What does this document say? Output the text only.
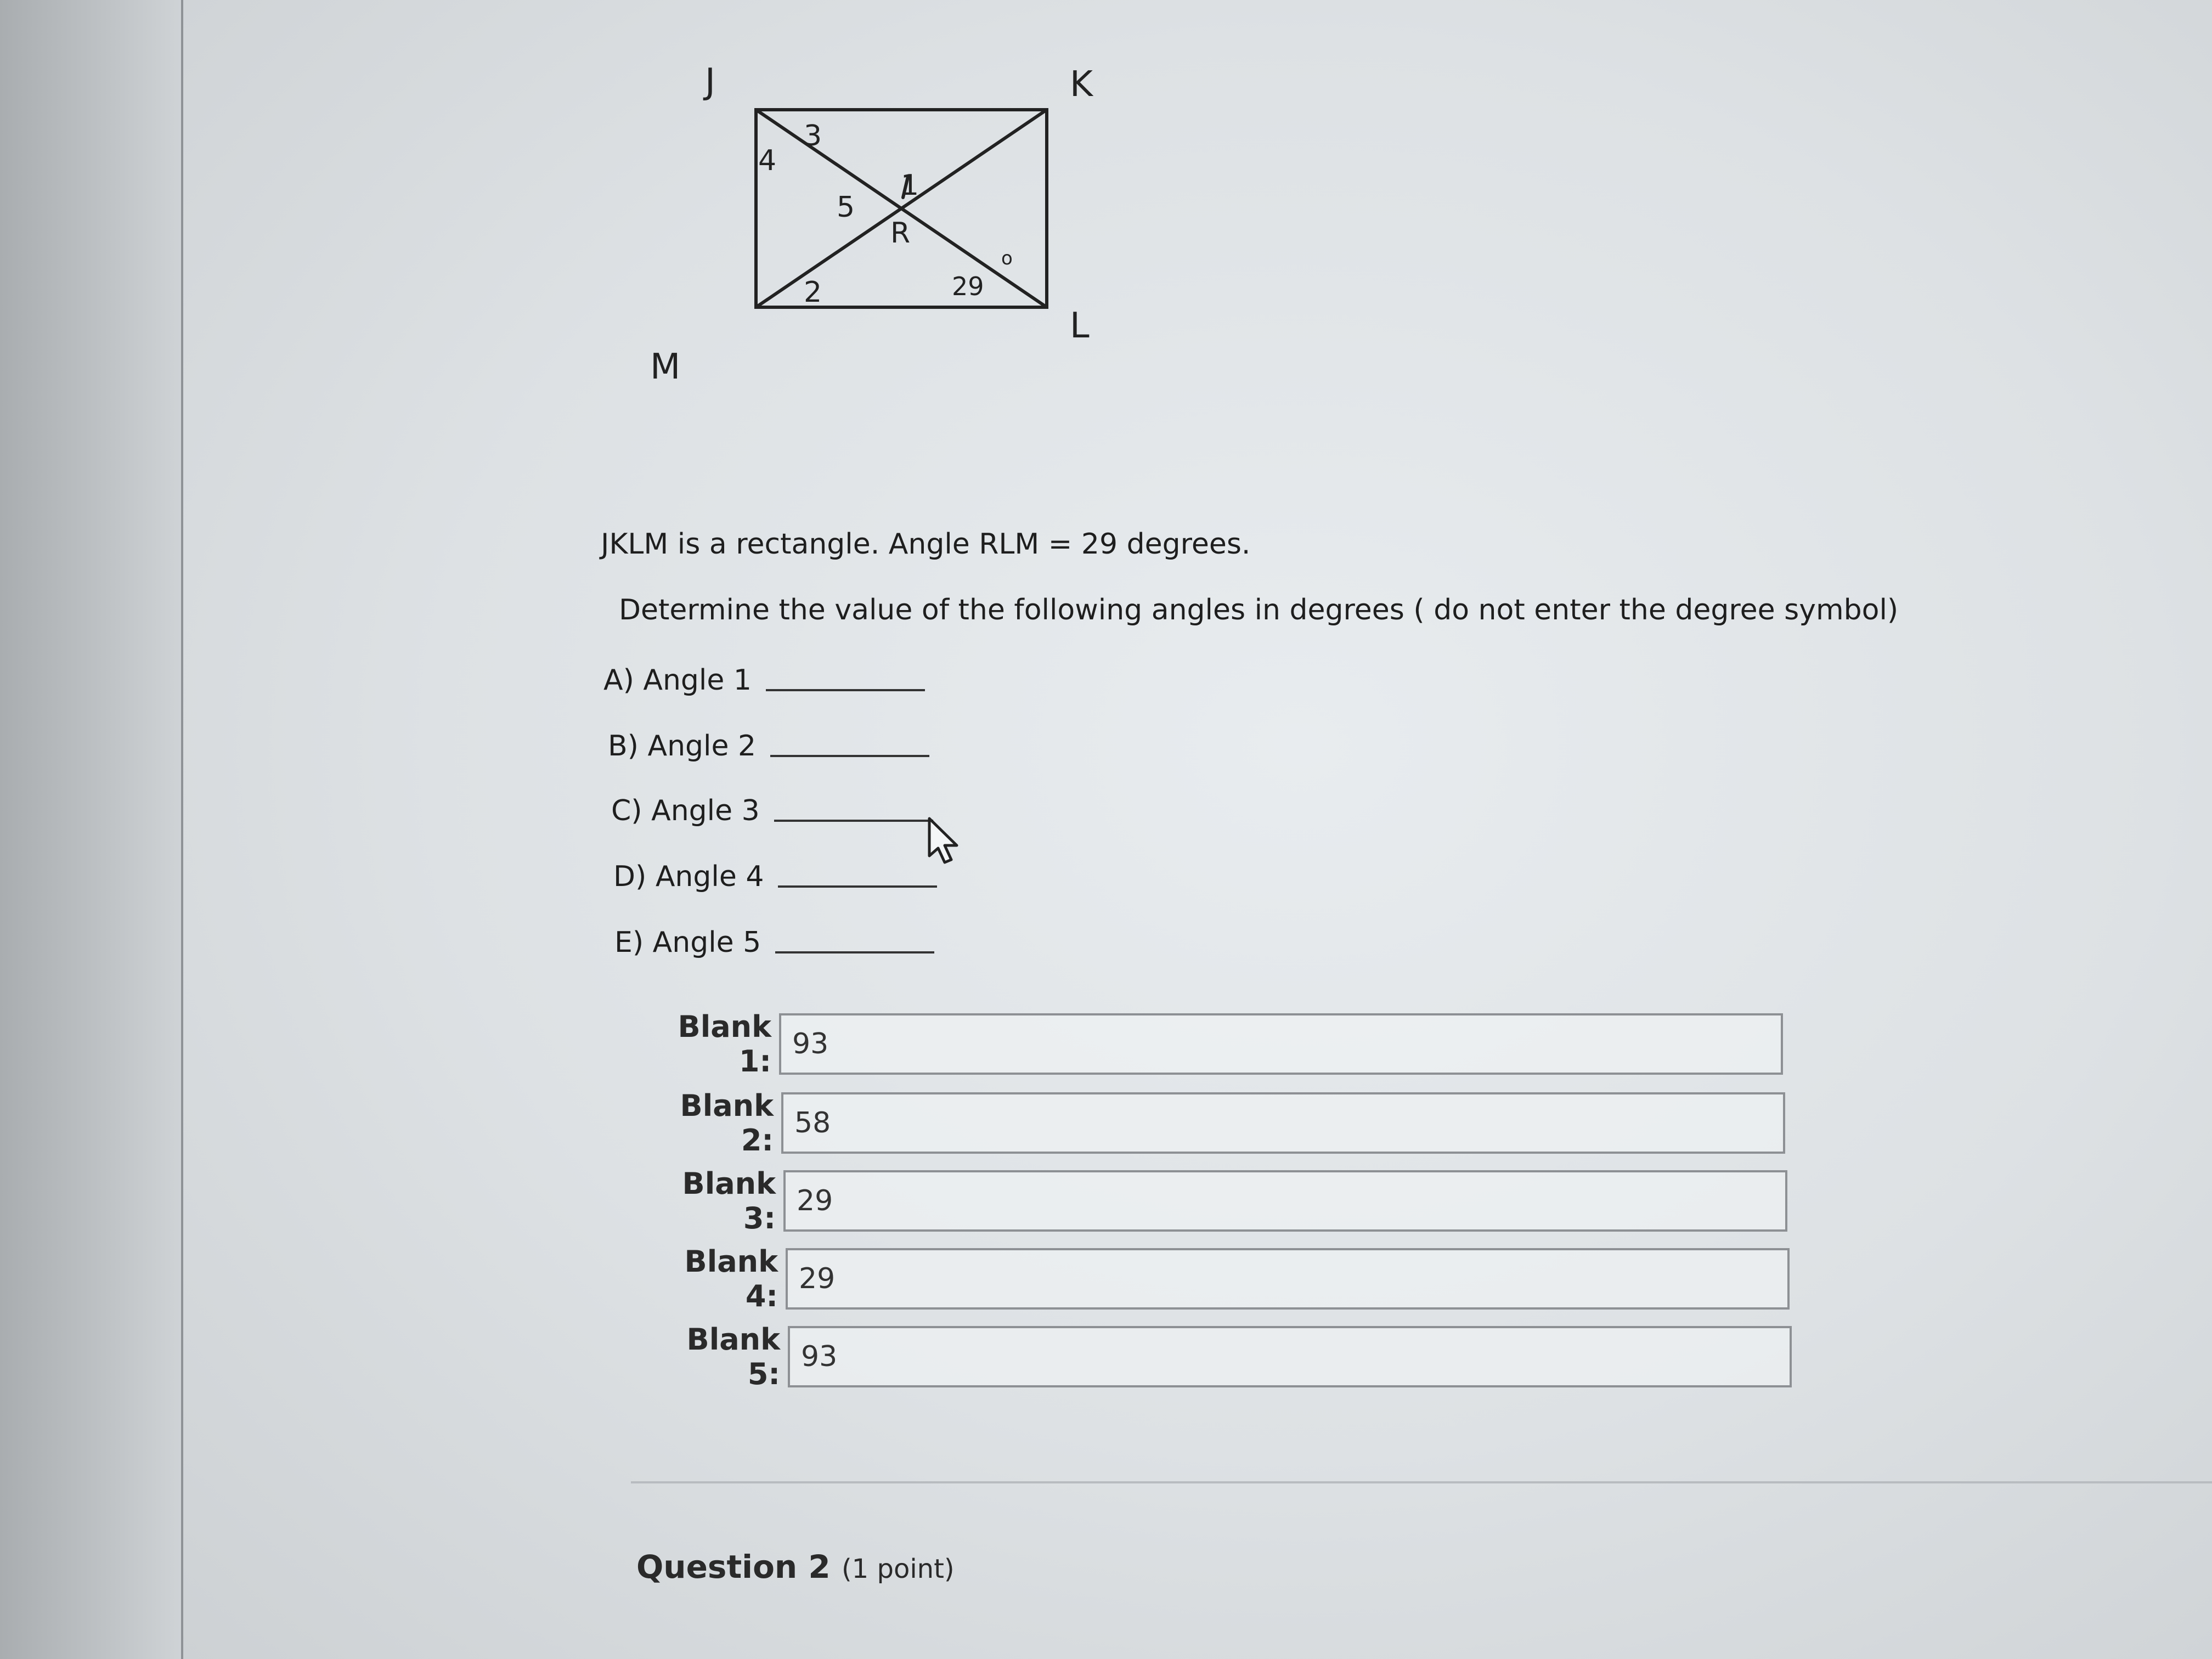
J	K
L
M
R
1
2
3
4
5
29
o
JKLM is a rectangle. Angle RLM = 29 degrees.
Determine the value of the following angles in degrees ( do not enter the degree symbol)
A) Angle 1
B) Angle 2
C) Angle 3
D) Angle 4
E) Angle 5
Blank 1:
93
Blank 2:
58
Blank 3:
29
Blank 4:
29
Blank 5:
93
Question 2 (1 point)
